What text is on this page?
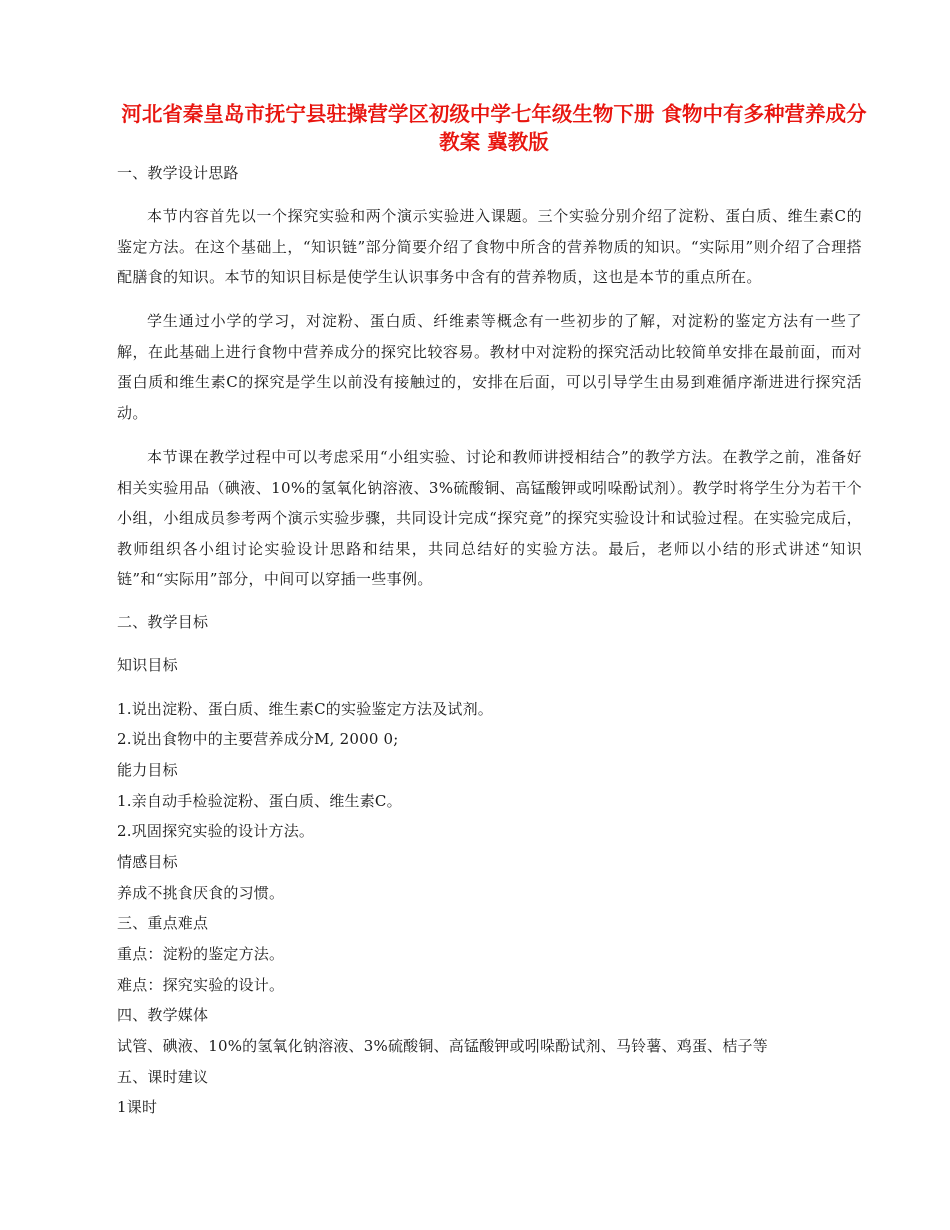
河北省秦皇岛市抚宁县驻操营学区初级中学七年级生物下册 食物中有多种营养成分教案 冀教版
一、教学设计思路
本节内容首先以一个探究实验和两个演示实验进入课题。三个实验分别介绍了淀粉、蛋白质、维生素C的鉴定方法。在这个基础上，“知识链”部分简要介绍了食物中所含的营养物质的知识。“实际用”则介绍了合理搭配膳食的知识。本节的知识目标是使学生认识事务中含有的营养物质，这也是本节的重点所在。
学生通过小学的学习，对淀粉、蛋白质、纤维素等概念有一些初步的了解，对淀粉的鉴定方法有一些了解，在此基础上进行食物中营养成分的探究比较容易。教材中对淀粉的探究活动比较简单安排在最前面，而对蛋白质和维生素C的探究是学生以前没有接触过的，安排在后面，可以引导学生由易到难循序渐进进行探究活动。
本节课在教学过程中可以考虑采用“小组实验、讨论和教师讲授相结合”的教学方法。在教学之前，准备好相关实验用品（碘液、10%的氢氧化钠溶液、3%硫酸铜、高锰酸钾或吲哚酚试剂）。教学时将学生分为若干个小组，小组成员参考两个演示实验步骤，共同设计完成“探究竟”的探究实验设计和试验过程。在实验完成后，教师组织各小组讨论实验设计思路和结果，共同总结好的实验方法。最后，老师以小结的形式讲述“知识链”和“实际用”部分，中间可以穿插一些事例。
二、教学目标
知识目标
1.说出淀粉、蛋白质、维生素C的实验鉴定方法及试剂。
2.说出食物中的主要营养成分M, 2000 0;
能力目标
1.亲自动手检验淀粉、蛋白质、维生素C。
2.巩固探究实验的设计方法。
情感目标
养成不挑食厌食的习惯。
三、重点难点
重点：淀粉的鉴定方法。
难点：探究实验的设计。
四、教学媒体
试管、碘液、10%的氢氧化钠溶液、3%硫酸铜、高锰酸钾或吲哚酚试剂、马铃薯、鸡蛋、桔子等
五、课时建议
1课时
